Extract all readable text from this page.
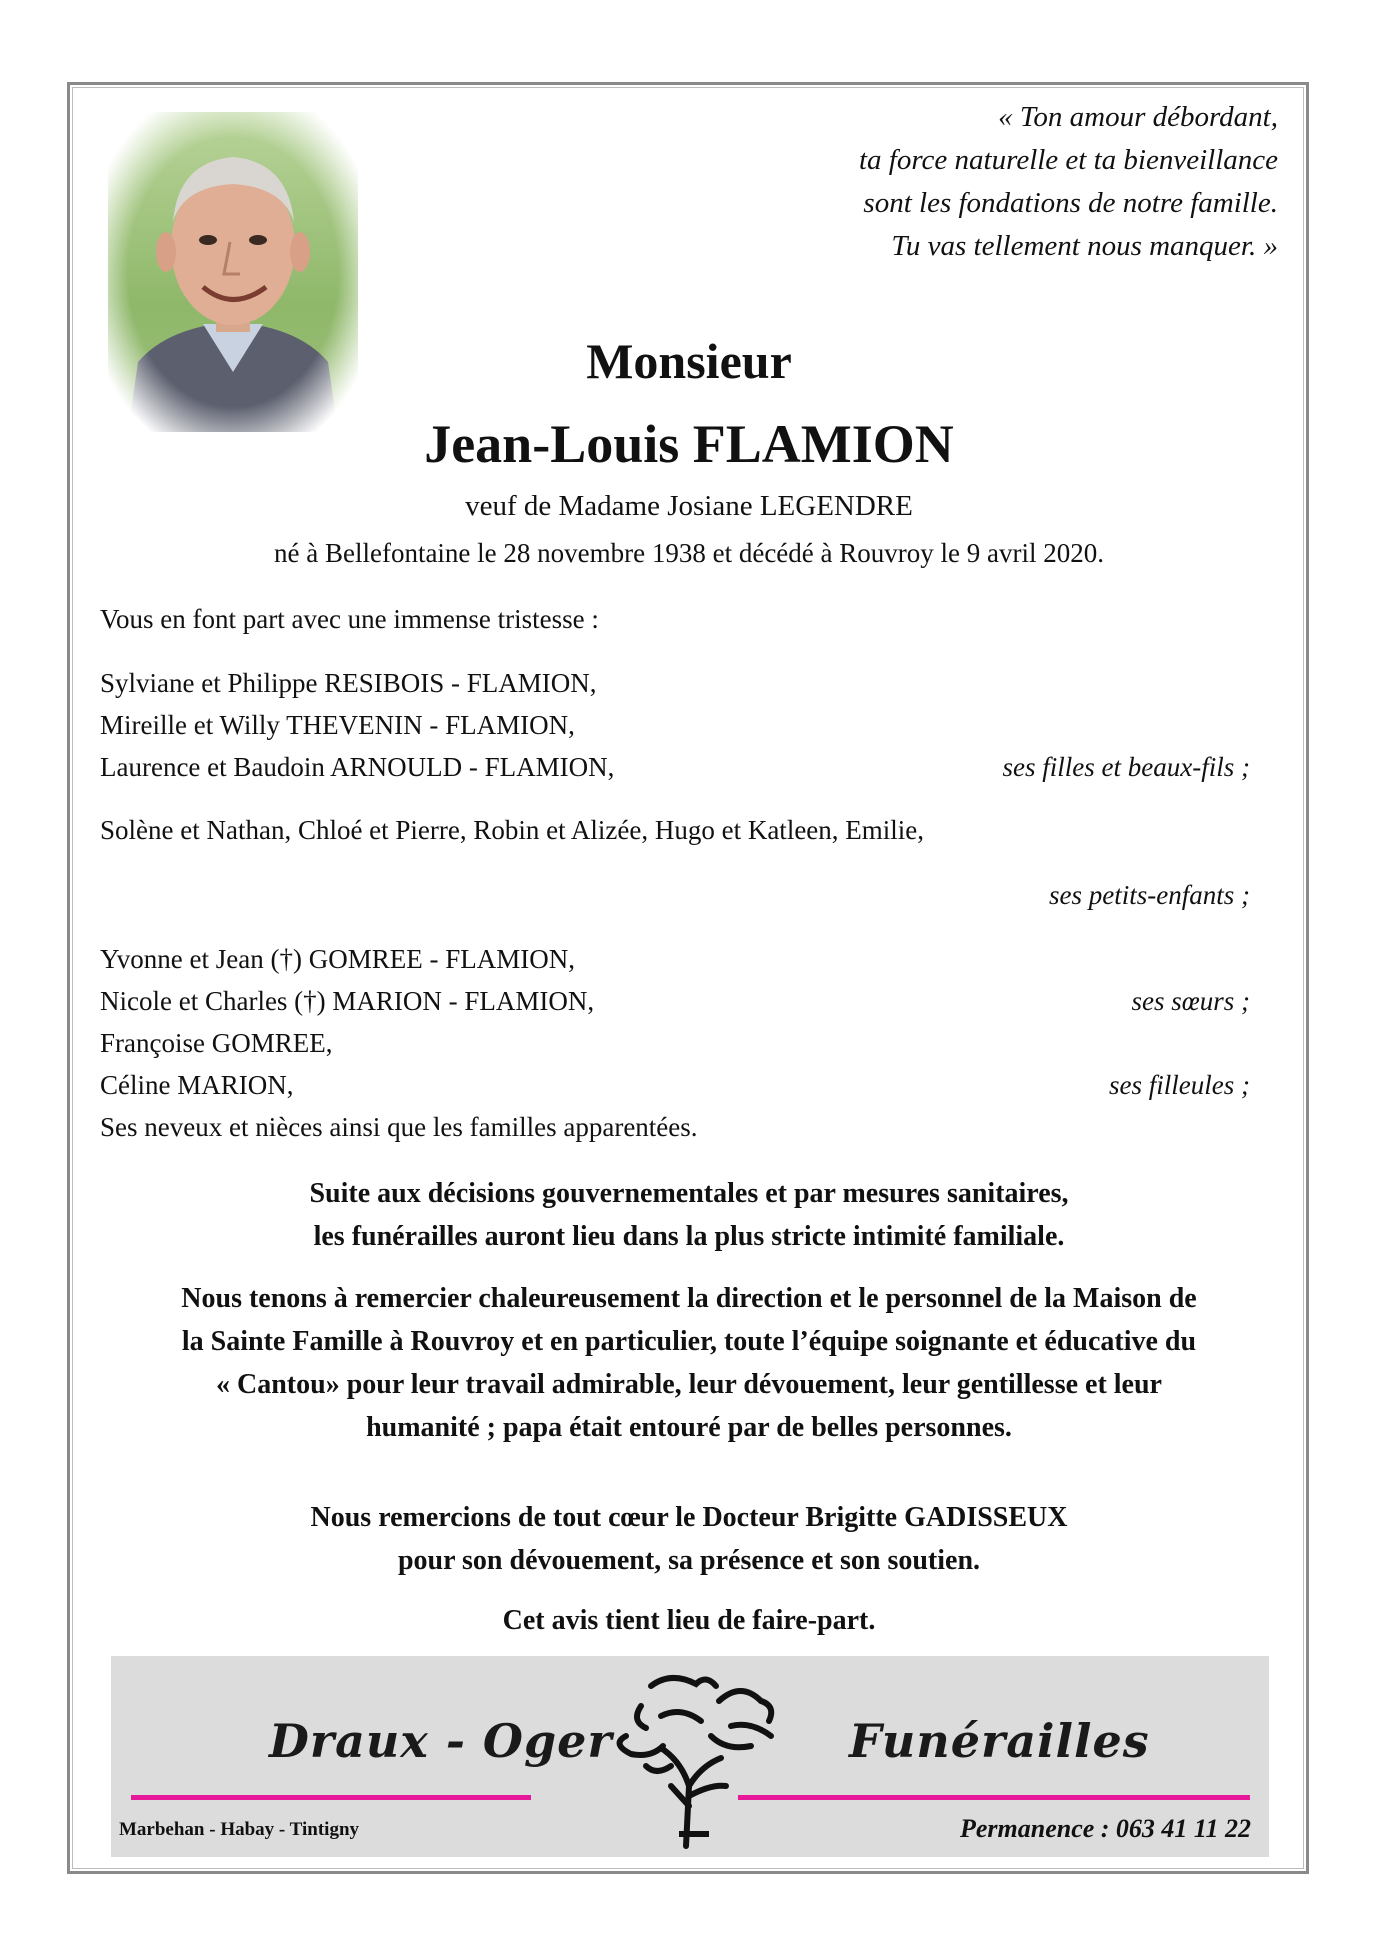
« Ton amour débordant,
ta force naturelle et ta bienveillance
sont les fondations de notre famille.
Tu vas tellement nous manquer. »
Monsieur
Jean-Louis FLAMION
veuf de Madame Josiane LEGENDRE
né à Bellefontaine le 28 novembre 1938 et décédé à Rouvroy le 9 avril 2020.
Vous en font part avec une immense tristesse :
Sylviane et Philippe RESIBOIS - FLAMION,
Mireille et Willy THEVENIN - FLAMION,
Laurence et Baudoin ARNOULD - FLAMION,	ses filles et beaux-fils ;
Solène et Nathan, Chloé et Pierre, Robin et Alizée, Hugo et Katleen, Emilie,
ses petits-enfants ;
Yvonne et Jean (†) GOMREE - FLAMION,
Nicole et Charles (†) MARION - FLAMION,	ses sœurs ;
Françoise GOMREE,
Céline MARION,	ses filleules ;
Ses neveux et nièces ainsi que les familles apparentées.
Suite aux décisions gouvernementales et par mesures sanitaires,
les funérailles auront lieu dans la plus stricte intimité familiale.
Nous tenons à remercier chaleureusement la direction et le personnel de la Maison de
la Sainte Famille à Rouvroy et en particulier, toute l’équipe soignante et éducative du
« Cantou» pour leur travail admirable, leur dévouement, leur gentillesse et leur
humanité ; papa était entouré par de belles personnes.
Nous remercions de tout cœur le Docteur Brigitte GADISSEUX
pour son dévouement, sa présence et son soutien.
Cet avis tient lieu de faire-part.
Draux - Oger	Funérailles
Marbehan - Habay - Tintigny	Permanence : 063 41 11 22
